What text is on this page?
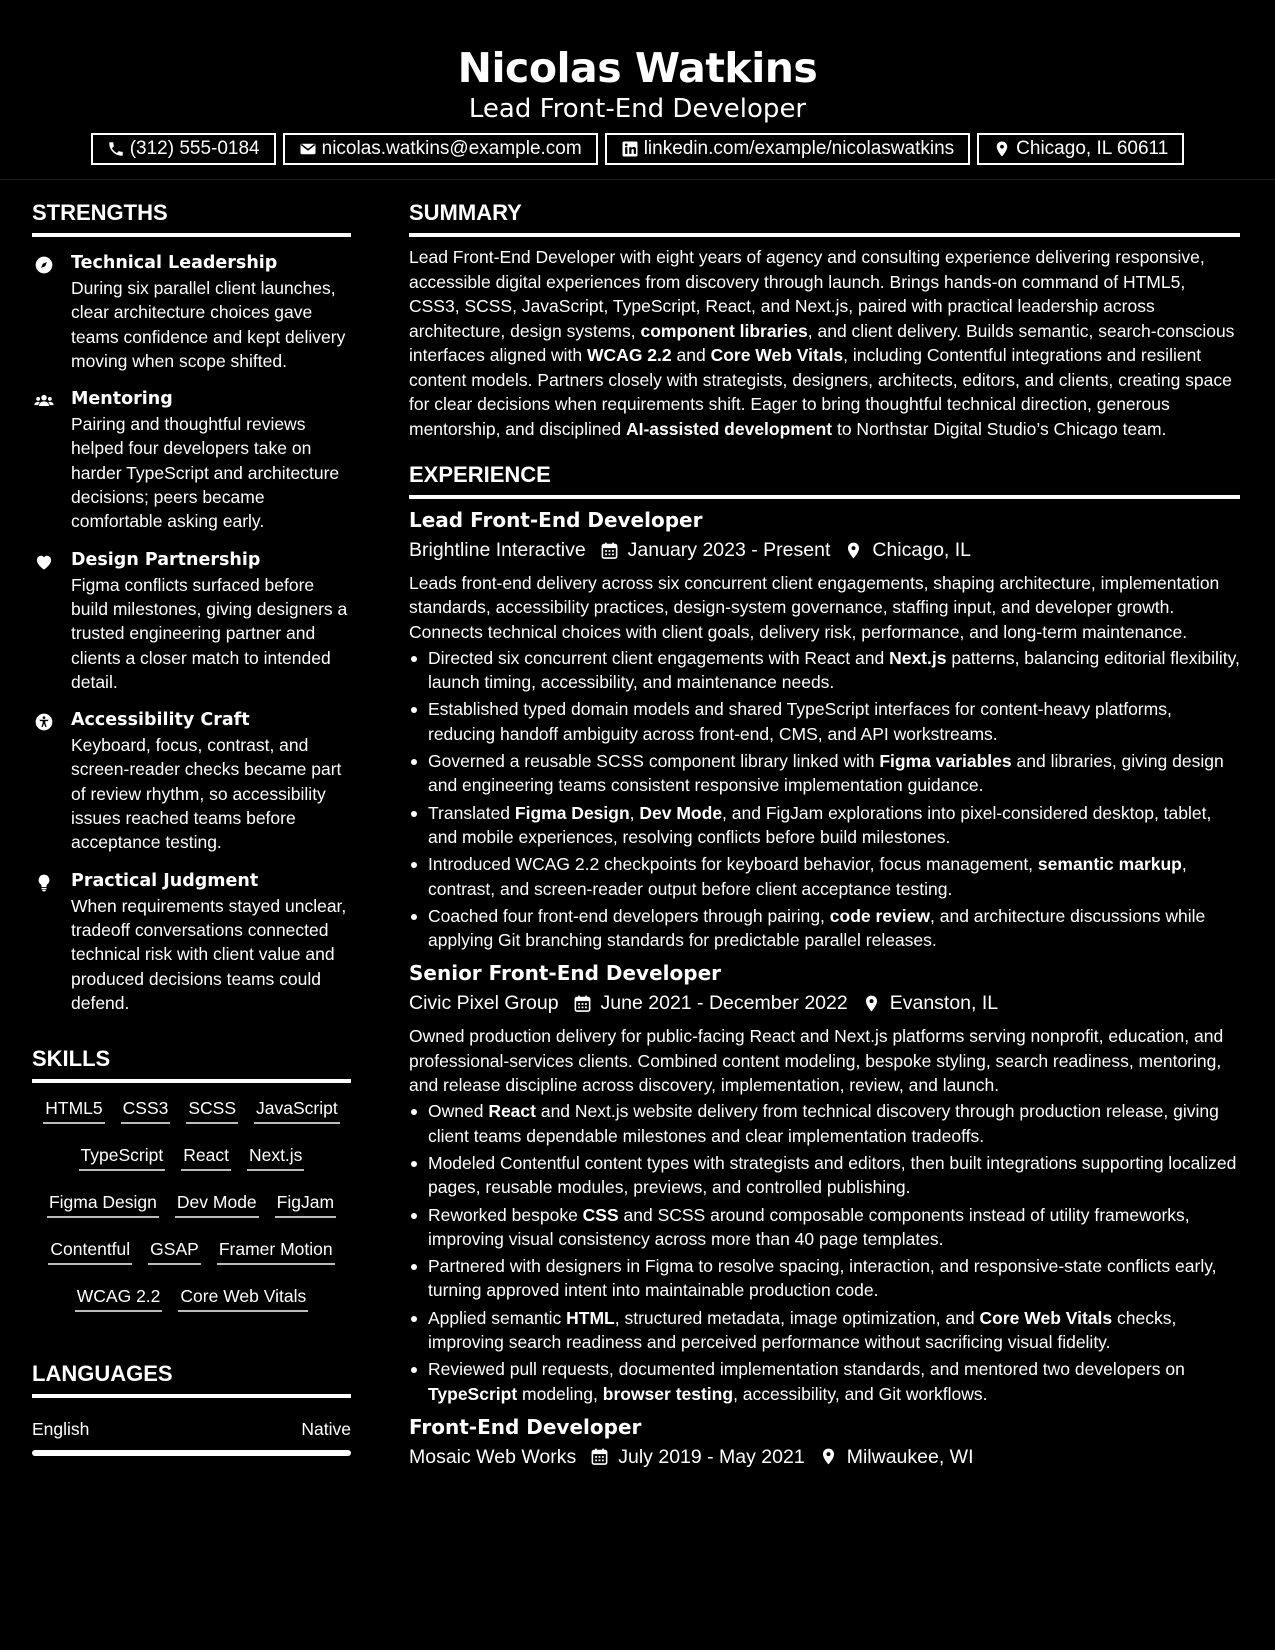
Nicolas Watkins
Lead Front-End Developer
(312) 555-0184	nicolas.watkins@example.com	linkedin.com/example/nicolaswatkins	Chicago, IL 60611
STRENGTHS
Technical Leadership
During six parallel client launches, clear architecture choices gave teams confidence and kept delivery moving when scope shifted.
Mentoring
Pairing and thoughtful reviews helped four developers take on harder TypeScript and architecture decisions; peers became comfortable asking early.
Design Partnership
Figma conflicts surfaced before build milestones, giving designers a trusted engineering partner and clients a closer match to intended detail.
Accessibility Craft
Keyboard, focus, contrast, and screen-reader checks became part of review rhythm, so accessibility issues reached teams before acceptance testing.
Practical Judgment
When requirements stayed unclear, tradeoff conversations connected technical risk with client value and produced decisions teams could defend.
SKILLS
HTML5 CSS3 SCSS JavaScript
TypeScript React Next.js
Figma Design Dev Mode FigJam
Contentful GSAP Framer Motion
WCAG 2.2 Core Web Vitals
LANGUAGES
English	Native
SUMMARY
Lead Front-End Developer with eight years of agency and consulting experience delivering responsive, accessible digital experiences from discovery through launch. Brings hands-on command of HTML5, CSS3, SCSS, JavaScript, TypeScript, React, and Next.js, paired with practical leadership across architecture, design systems, component libraries, and client delivery. Builds semantic, search-conscious interfaces aligned with WCAG 2.2 and Core Web Vitals, including Contentful integrations and resilient content models. Partners closely with strategists, designers, architects, editors, and clients, creating space for clear decisions when requirements shift. Eager to bring thoughtful technical direction, generous mentorship, and disciplined AI-assisted development to Northstar Digital Studio’s Chicago team.
EXPERIENCE
Lead Front-End Developer
Brightline Interactive January 2023 - Present Chicago, IL
Leads front-end delivery across six concurrent client engagements, shaping architecture, implementation standards, accessibility practices, design-system governance, staffing input, and developer growth. Connects technical choices with client goals, delivery risk, performance, and long-term maintenance.
Directed six concurrent client engagements with React and Next.js patterns, balancing editorial flexibility, launch timing, accessibility, and maintenance needs.
Established typed domain models and shared TypeScript interfaces for content-heavy platforms, reducing handoff ambiguity across front-end, CMS, and API workstreams.
Governed a reusable SCSS component library linked with Figma variables and libraries, giving design and engineering teams consistent responsive implementation guidance.
Translated Figma Design, Dev Mode, and FigJam explorations into pixel-considered desktop, tablet, and mobile experiences, resolving conflicts before build milestones.
Introduced WCAG 2.2 checkpoints for keyboard behavior, focus management, semantic markup, contrast, and screen-reader output before client acceptance testing.
Coached four front-end developers through pairing, code review, and architecture discussions while applying Git branching standards for predictable parallel releases.
Senior Front-End Developer
Civic Pixel Group June 2021 - December 2022 Evanston, IL
Owned production delivery for public-facing React and Next.js platforms serving nonprofit, education, and professional-services clients. Combined content modeling, bespoke styling, search readiness, mentoring, and release discipline across discovery, implementation, review, and launch.
Owned React and Next.js website delivery from technical discovery through production release, giving client teams dependable milestones and clear implementation tradeoffs.
Modeled Contentful content types with strategists and editors, then built integrations supporting localized pages, reusable modules, previews, and controlled publishing.
Reworked bespoke CSS and SCSS around composable components instead of utility frameworks, improving visual consistency across more than 40 page templates.
Partnered with designers in Figma to resolve spacing, interaction, and responsive-state conflicts early, turning approved intent into maintainable production code.
Applied semantic HTML, structured metadata, image optimization, and Core Web Vitals checks, improving search readiness and perceived performance without sacrificing visual fidelity.
Reviewed pull requests, documented implementation standards, and mentored two developers on TypeScript modeling, browser testing, accessibility, and Git workflows.
Front-End Developer
Mosaic Web Works July 2019 - May 2021 Milwaukee, WI
